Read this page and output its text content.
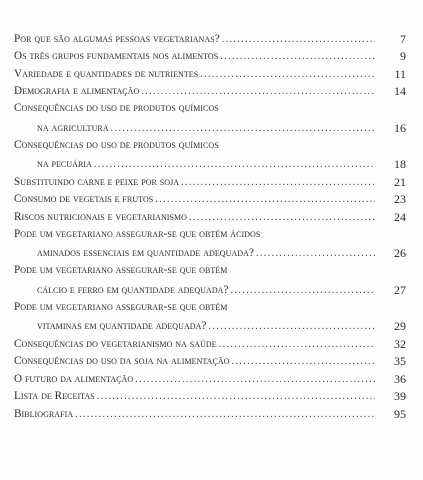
Por que são algumas pessoas vegetarianas? .....	7
Os três grupos fundamentais nos alimentos .....	9
Variedade e quantidades de nutrientes .....	11
Demografia e alimentação .....	14
Consequências do uso de produtos químicos
na agricultura .....	16
Consequências do uso de produtos químicos
na pecuária .....	18
Substituindo carne e peixe por soja .....	21
Consumo de vegetais e frutos .....	23
Riscos nutricionais e vegetarianismo .....	24
Pode um vegetariano assegurar-se que obtém ácidos
aminados essenciais em quantidade adequada? .....	26
Pode um vegetariano assegurar-se que obtém
cálcio e ferro em quantidade adequada? .....	27
Pode um vegetariano assegurar-se que obtém
vitaminas em quantidade adequada? .....	29
Consequências do vegetarianismo na saúde .....	32
Consequências do uso da soja na alimentação .....	35
O futuro da alimentação .....	36
Lista de Receitas .....	39
Bibliografia .....	95
